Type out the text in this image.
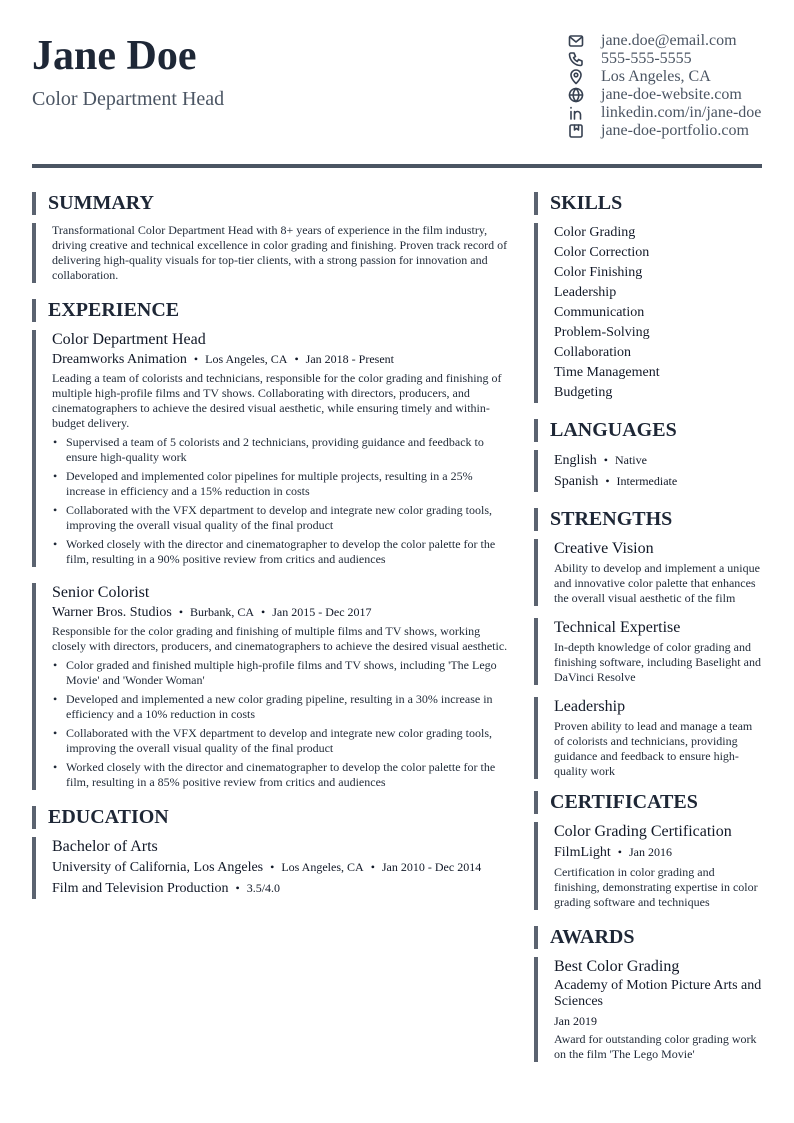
Jane Doe
Color Department Head
jane.doe@email.com
555-555-5555
Los Angeles, CA
jane-doe-website.com
linkedin.com/in/jane-doe
jane-doe-portfolio.com
SUMMARY
Transformational Color Department Head with 8+ years of experience in the film industry, driving creative and technical excellence in color grading and finishing. Proven track record of delivering high-quality visuals for top-tier clients, with a strong passion for innovation and collaboration.
EXPERIENCE
Color Department Head
Dreamworks Animation • Los Angeles, CA • Jan 2018 - Present
Leading a team of colorists and technicians, responsible for the color grading and finishing of multiple high-profile films and TV shows. Collaborating with directors, producers, and cinematographers to achieve the desired visual aesthetic, while ensuring timely and within-budget delivery.
• Supervised a team of 5 colorists and 2 technicians, providing guidance and feedback to ensure high-quality work
• Developed and implemented color pipelines for multiple projects, resulting in a 25% increase in efficiency and a 15% reduction in costs
• Collaborated with the VFX department to develop and integrate new color grading tools, improving the overall visual quality of the final product
• Worked closely with the director and cinematographer to develop the color palette for the film, resulting in a 90% positive review from critics and audiences
Senior Colorist
Warner Bros. Studios • Burbank, CA • Jan 2015 - Dec 2017
Responsible for the color grading and finishing of multiple films and TV shows, working closely with directors, producers, and cinematographers to achieve the desired visual aesthetic.
• Color graded and finished multiple high-profile films and TV shows, including 'The Lego Movie' and 'Wonder Woman'
• Developed and implemented a new color grading pipeline, resulting in a 30% increase in efficiency and a 10% reduction in costs
• Collaborated with the VFX department to develop and integrate new color grading tools, improving the overall visual quality of the final product
• Worked closely with the director and cinematographer to develop the color palette for the film, resulting in a 85% positive review from critics and audiences
EDUCATION
Bachelor of Arts
University of California, Los Angeles • Los Angeles, CA • Jan 2010 - Dec 2014
Film and Television Production • 3.5/4.0
SKILLS
Color Grading
Color Correction
Color Finishing
Leadership
Communication
Problem-Solving
Collaboration
Time Management
Budgeting
LANGUAGES
English • Native
Spanish • Intermediate
STRENGTHS
Creative Vision
Ability to develop and implement a unique and innovative color palette that enhances the overall visual aesthetic of the film
Technical Expertise
In-depth knowledge of color grading and finishing software, including Baselight and DaVinci Resolve
Leadership
Proven ability to lead and manage a team of colorists and technicians, providing guidance and feedback to ensure high-quality work
CERTIFICATES
Color Grading Certification
FilmLight • Jan 2016
Certification in color grading and finishing, demonstrating expertise in color grading software and techniques
AWARDS
Best Color Grading
Academy of Motion Picture Arts and Sciences
Jan 2019
Award for outstanding color grading work on the film 'The Lego Movie'
